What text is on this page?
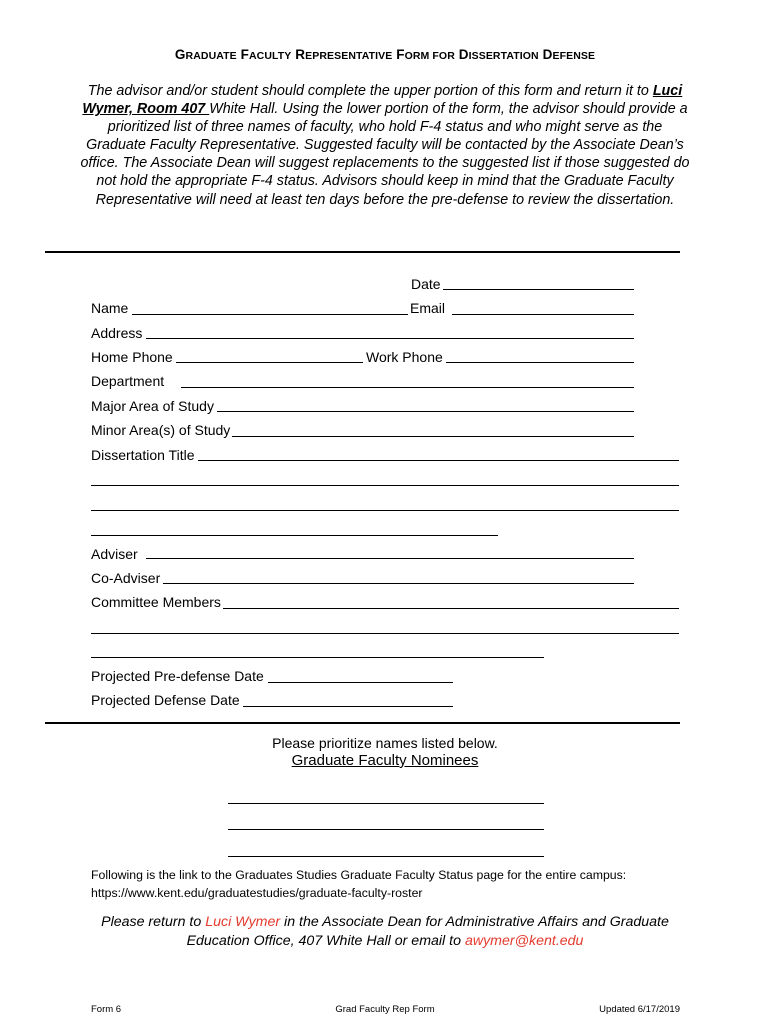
GRADUATE FACULTY REPRESENTATIVE FORM FOR DISSERTATION DEFENSE
The advisor and/or student should complete the upper portion of this form and return it to Luci Wymer, Room 407 White Hall. Using the lower portion of the form, the advisor should provide a prioritized list of three names of faculty, who hold F-4 status and who might serve as the Graduate Faculty Representative. Suggested faculty will be contacted by the Associate Dean’s office. The Associate Dean will suggest replacements to the suggested list if those suggested do not hold the appropriate F-4 status. Advisors should keep in mind that the Graduate Faculty Representative will need at least ten days before the pre-defense to review the dissertation.
Date
Name	Email
Address
Home Phone	Work Phone
Department
Major Area of Study
Minor Area(s) of Study
Dissertation Title
Adviser
Co-Adviser
Committee Members
Projected Pre-defense Date
Projected Defense Date
Please prioritize names listed below.
Graduate Faculty Nominees
Following is the link to the Graduates Studies Graduate Faculty Status page for the entire campus:
https://www.kent.edu/graduatestudies/graduate-faculty-roster
Please return to Luci Wymer in the Associate Dean for Administrative Affairs and Graduate Education Office, 407 White Hall or email to awymer@kent.edu
Form 6	Grad Faculty Rep Form	Updated 6/17/2019
